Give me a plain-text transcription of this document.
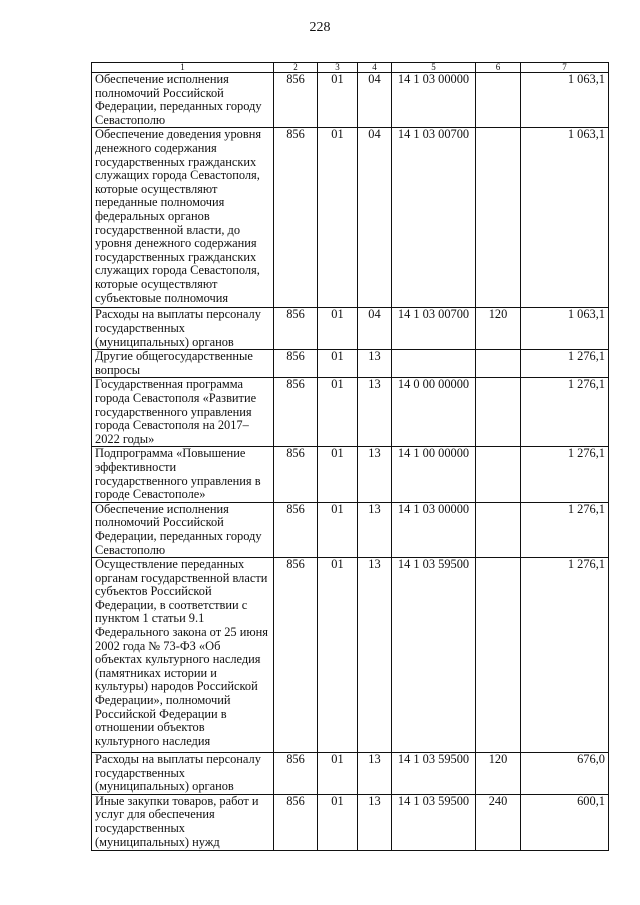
228
1	2	3	4	5	6	7
Обеспечение исполнения полномочий Российской Федерации, переданных городу Севастополю	856	01	04	14 1 03 00000		1 063,1
Обеспечение доведения уровня денежного содержания государственных гражданских служащих города Севастополя, которые осуществляют переданные полномочия федеральных органов государственной власти, до уровня денежного содержания государственных гражданских служащих города Севастополя, которые осуществляют субъектовые полномочия	856	01	04	14 1 03 00700		1 063,1
Расходы на выплаты персоналу государственных (муниципальных) органов	856	01	04	14 1 03 00700	120	1 063,1
Другие общегосударственные вопросы	856	01	13			1 276,1
Государственная программа города Севастополя «Развитие государственного управления города Севастополя на 2017–2022 годы»	856	01	13	14 0 00 00000		1 276,1
Подпрограмма «Повышение эффективности государственного управления в городе Севастополе»	856	01	13	14 1 00 00000		1 276,1
Обеспечение исполнения полномочий Российской Федерации, переданных городу Севастополю	856	01	13	14 1 03 00000		1 276,1
Осуществление переданных органам государственной власти субъектов Российской Федерации, в соответствии с пунктом 1 статьи 9.1 Федерального закона от 25 июня 2002 года № 73-ФЗ «Об объектах культурного наследия (памятниках истории и культуры) народов Российской Федерации», полномочий Российской Федерации в отношении объектов культурного наследия	856	01	13	14 1 03 59500		1 276,1
Расходы на выплаты персоналу государственных (муниципальных) органов	856	01	13	14 1 03 59500	120	676,0
Иные закупки товаров, работ и услуг для обеспечения государственных (муниципальных) нужд	856	01	13	14 1 03 59500	240	600,1
